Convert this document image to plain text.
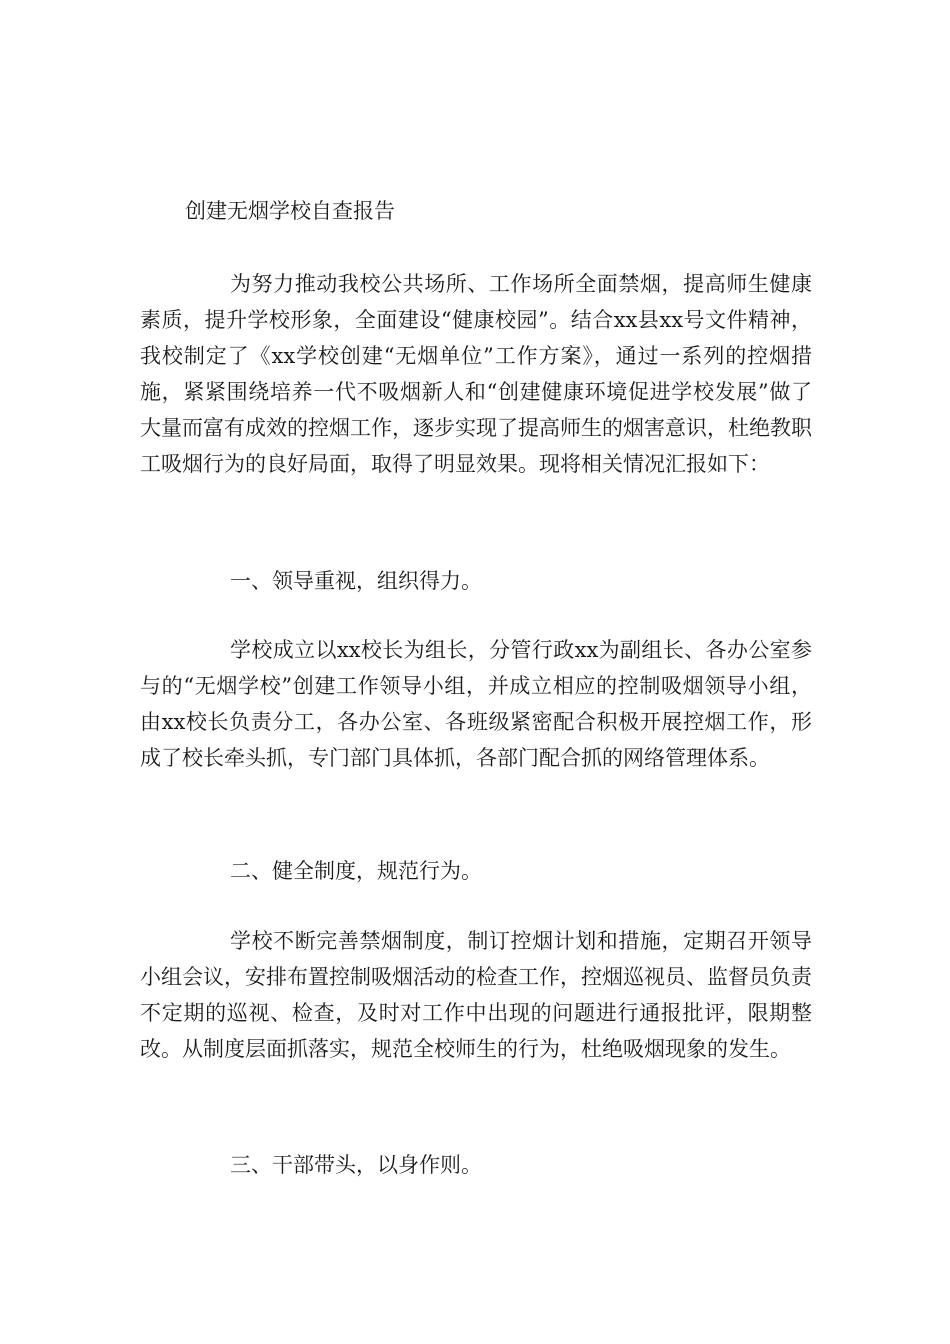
创建无烟学校自查报告

为努力推动我校公共场所、工作场所全面禁烟，提高师生健康素质，提升学校形象，全面建设“健康校园”。结合xx县xx号文件精神，我校制定了《xx学校创建“无烟单位”工作方案》，通过一系列的控烟措施，紧紧围绕培养一代不吸烟新人和“创建健康环境促进学校发展”做了大量而富有成效的控烟工作，逐步实现了提高师生的烟害意识，杜绝教职工吸烟行为的良好局面，取得了明显效果。现将相关情况汇报如下：

一、领导重视，组织得力。

学校成立以xx校长为组长，分管行政xx为副组长、各办公室参与的“无烟学校”创建工作领导小组，并成立相应的控制吸烟领导小组，由xx校长负责分工，各办公室、各班级紧密配合积极开展控烟工作，形成了校长牵头抓，专门部门具体抓，各部门配合抓的网络管理体系。

二、健全制度，规范行为。

学校不断完善禁烟制度，制订控烟计划和措施，定期召开领导小组会议，安排布置控制吸烟活动的检查工作，控烟巡视员、监督员负责不定期的巡视、检查，及时对工作中出现的问题进行通报批评，限期整改。从制度层面抓落实，规范全校师生的行为，杜绝吸烟现象的发生。

三、干部带头，以身作则。
